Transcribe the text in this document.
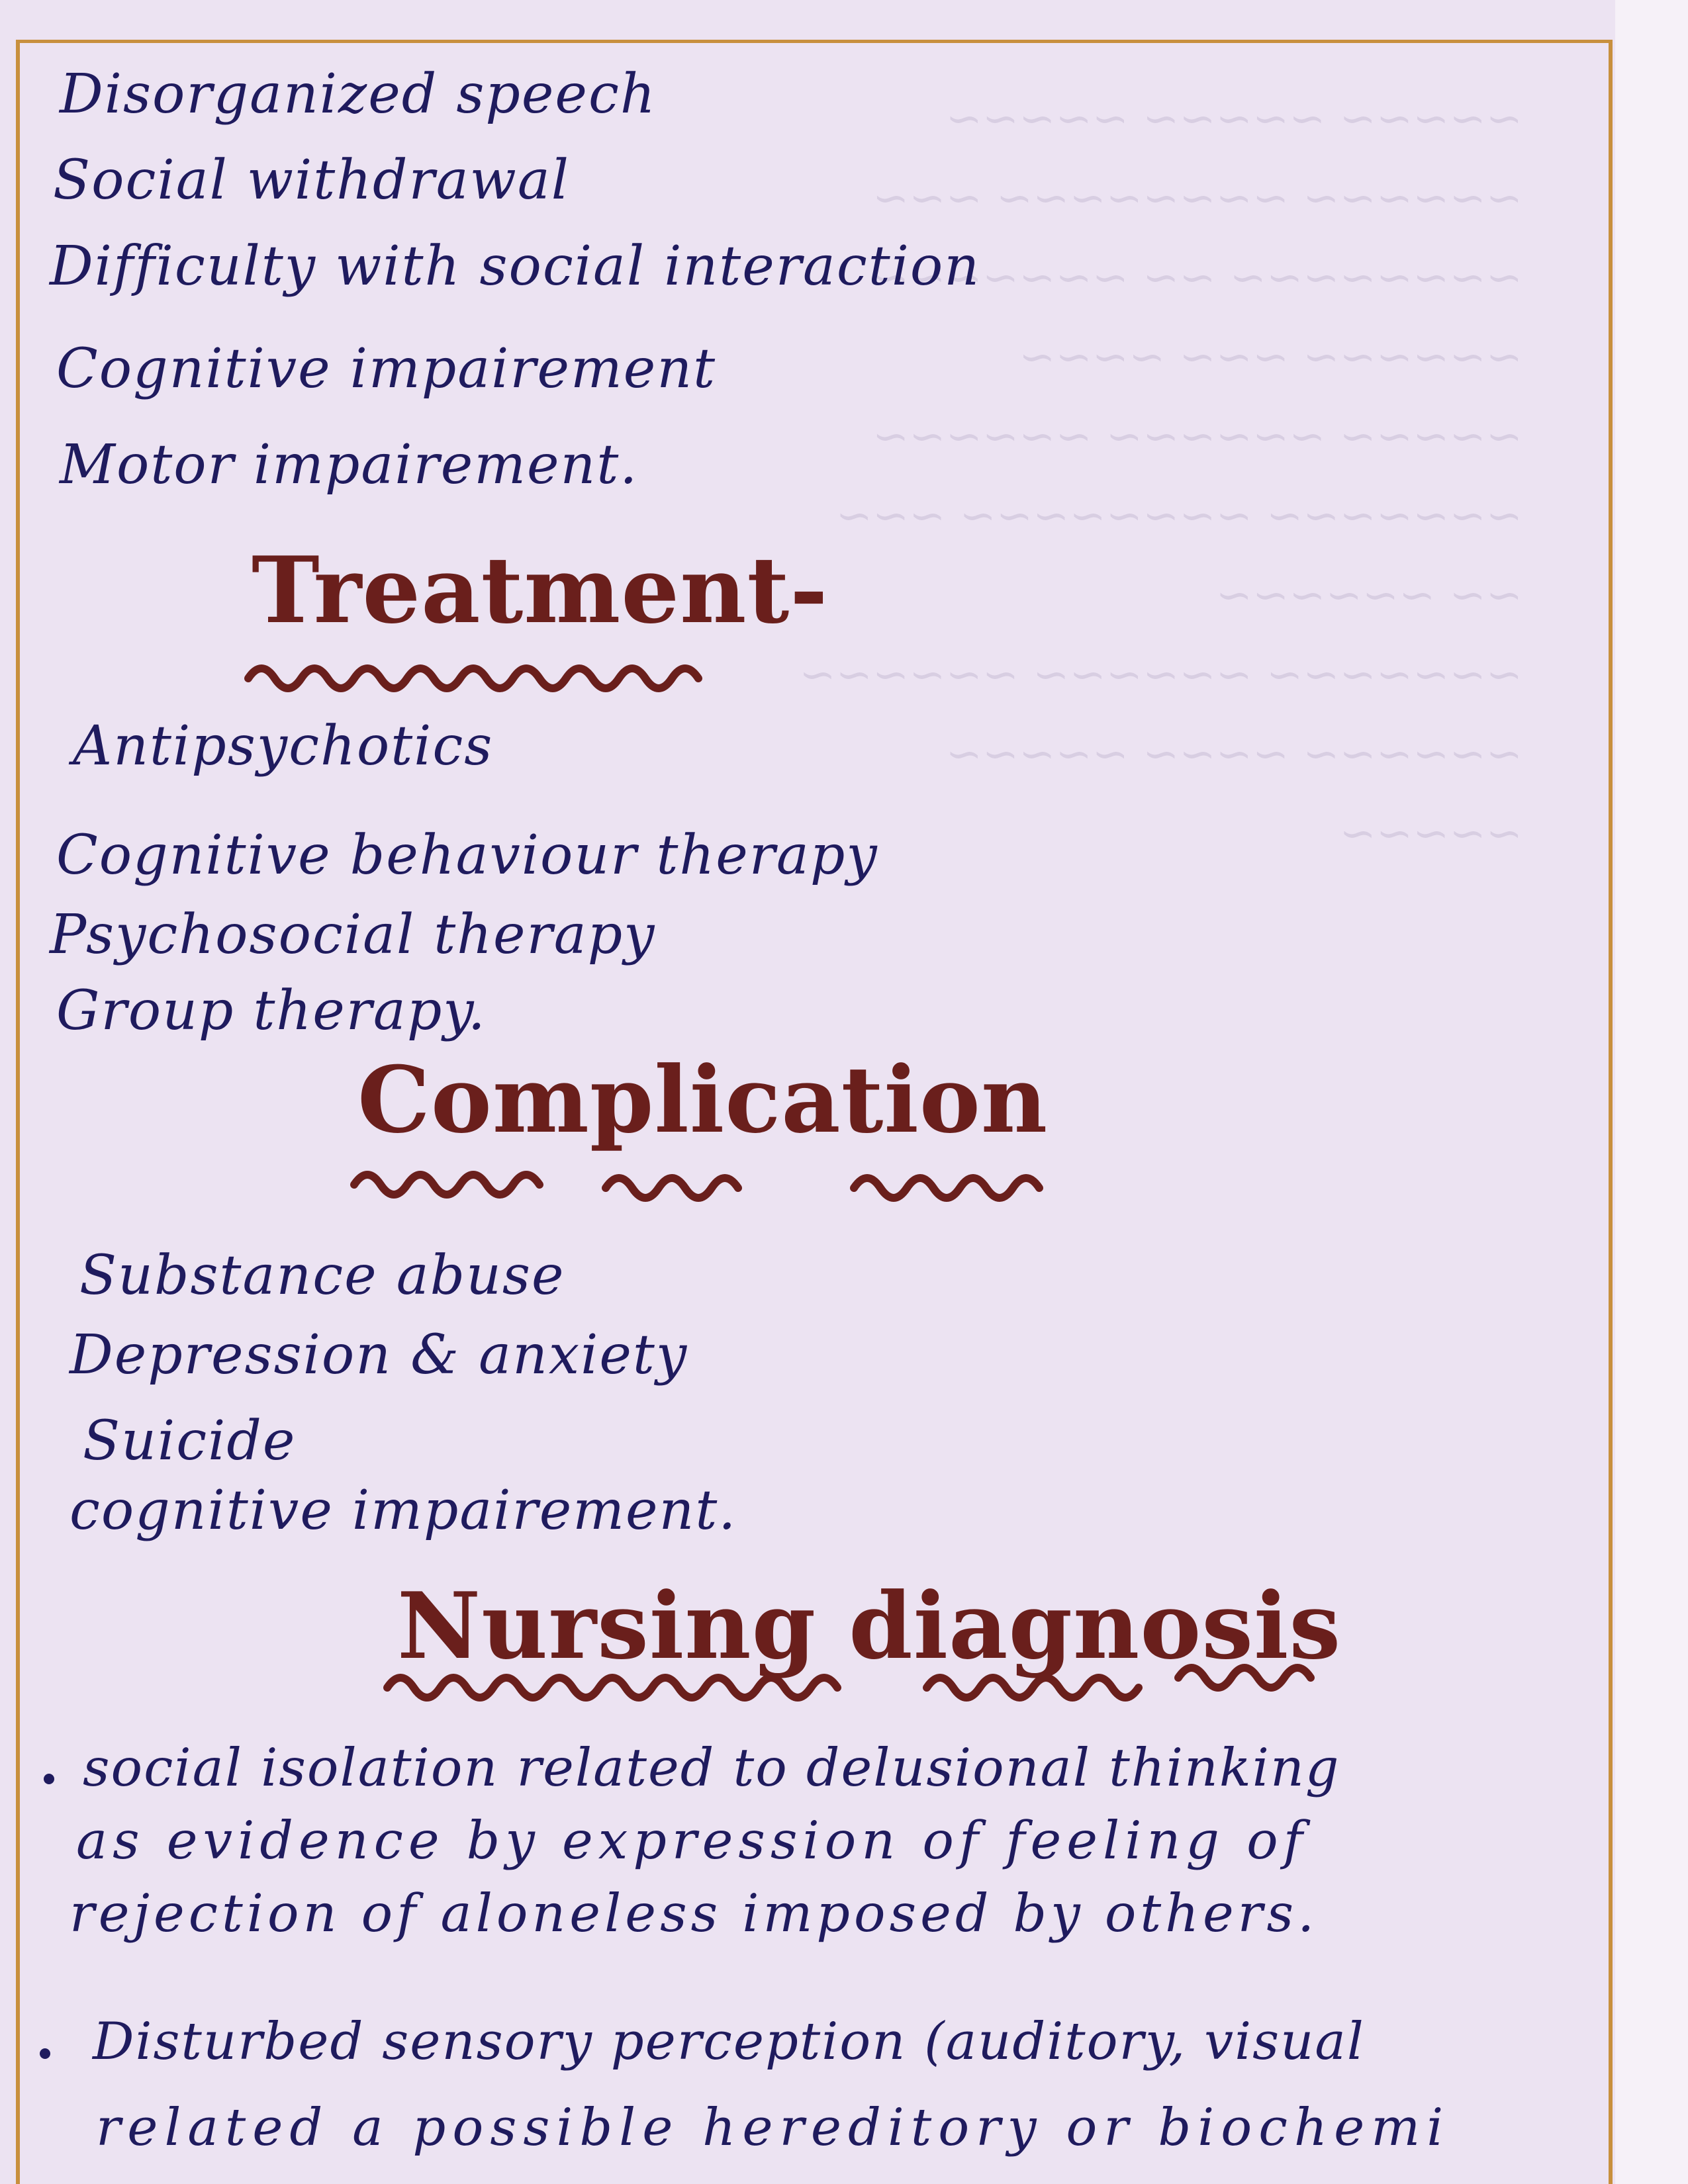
~~~~~ ~~~~~ ~~~~~
~~~~~~ ~~~~~~~~ ~~~
~~~~~~~~ ~~ ~~~~~~~
~~~~~~ ~~~ ~~~~
~~~~~ ~~~~~~ ~~~~~~
~~~~~~~ ~~~~~~~~ ~~~
~~ ~~~~~~
~~~~~~~ ~~~~~~ ~~~~~~
~~~~~~ ~~~~ ~~~~~
~~~~~
Disorganized speech
Social withdrawal
Difficulty with social interaction
Cognitive impairement
Motor impairement.
Treatment-
Antipsychotics
Cognitive behaviour therapy
Psychosocial therapy
Group therapy.
Complication
Substance abuse
Depression & anxiety
Suicide
cognitive impairement.
Nursing diagnosis
social isolation related to delusional thinking
as evidence by expression of feeling of
rejection of aloneless imposed by others.
Disturbed sensory perception (auditory, visual
related a possible hereditory or biochemi
